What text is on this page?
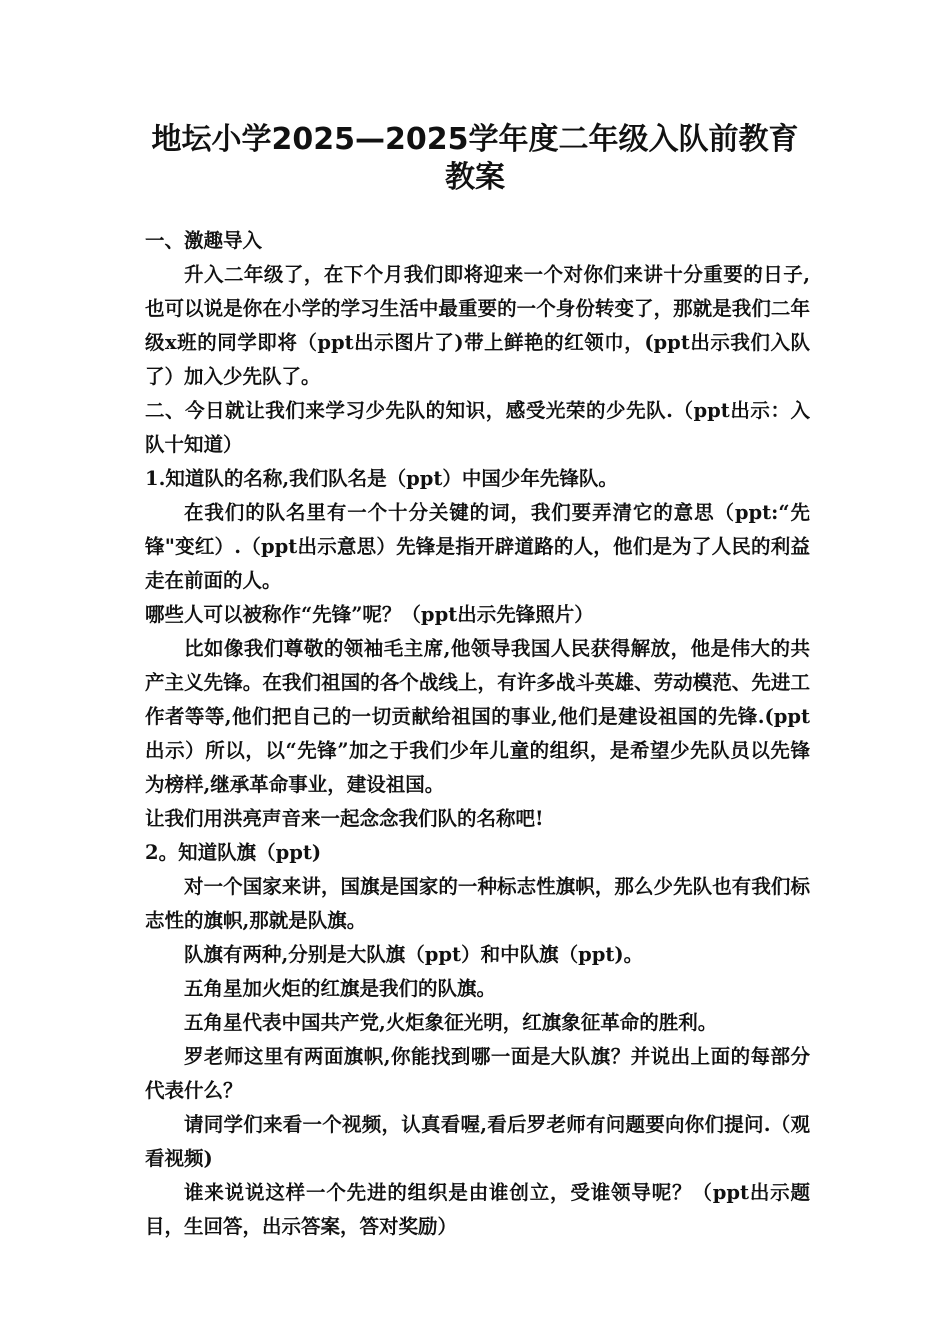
地坛小学2025—2025学年度二年级入队前教育
教案

一、激趣导入

升入二年级了，在下个月我们即将迎来一个对你们来讲十分重要的日子,也可以说是你在小学的学习生活中最重要的一个身份转变了，那就是我们二年级x班的同学即将（ppt出示图片了)带上鲜艳的红领巾，(ppt出示我们入队了）加入少先队了。

二、今日就让我们来学习少先队的知识，感受光荣的少先队.（ppt出示：入队十知道）

1.知道队的名称,我们队名是（ppt）中国少年先锋队。

在我们的队名里有一个十分关键的词，我们要弄清它的意思（ppt:“先锋"变红）.（ppt出示意思）先锋是指开辟道路的人，他们是为了人民的利益走在前面的人。

哪些人可以被称作“先锋”呢？（ppt出示先锋照片）

比如像我们尊敬的领袖毛主席,他领导我国人民获得解放，他是伟大的共产主义先锋。在我们祖国的各个战线上，有许多战斗英雄、劳动模范、先进工作者等等,他们把自己的一切贡献给祖国的事业,他们是建设祖国的先锋.(ppt出示）所以，以“先锋”加之于我们少年儿童的组织，是希望少先队员以先锋为榜样,继承革命事业，建设祖国。

让我们用洪亮声音来一起念念我们队的名称吧!

2。知道队旗（ppt)

对一个国家来讲，国旗是国家的一种标志性旗帜，那么少先队也有我们标志性的旗帜,那就是队旗。

队旗有两种,分别是大队旗（ppt）和中队旗（ppt)。

五角星加火炬的红旗是我们的队旗。

五角星代表中国共产党,火炬象征光明，红旗象征革命的胜利。

罗老师这里有两面旗帜,你能找到哪一面是大队旗？并说出上面的每部分代表什么？

请同学们来看一个视频，认真看喔,看后罗老师有问题要向你们提问.（观看视频)

谁来说说这样一个先进的组织是由谁创立，受谁领导呢？（ppt出示题目，生回答，出示答案，答对奖励）
